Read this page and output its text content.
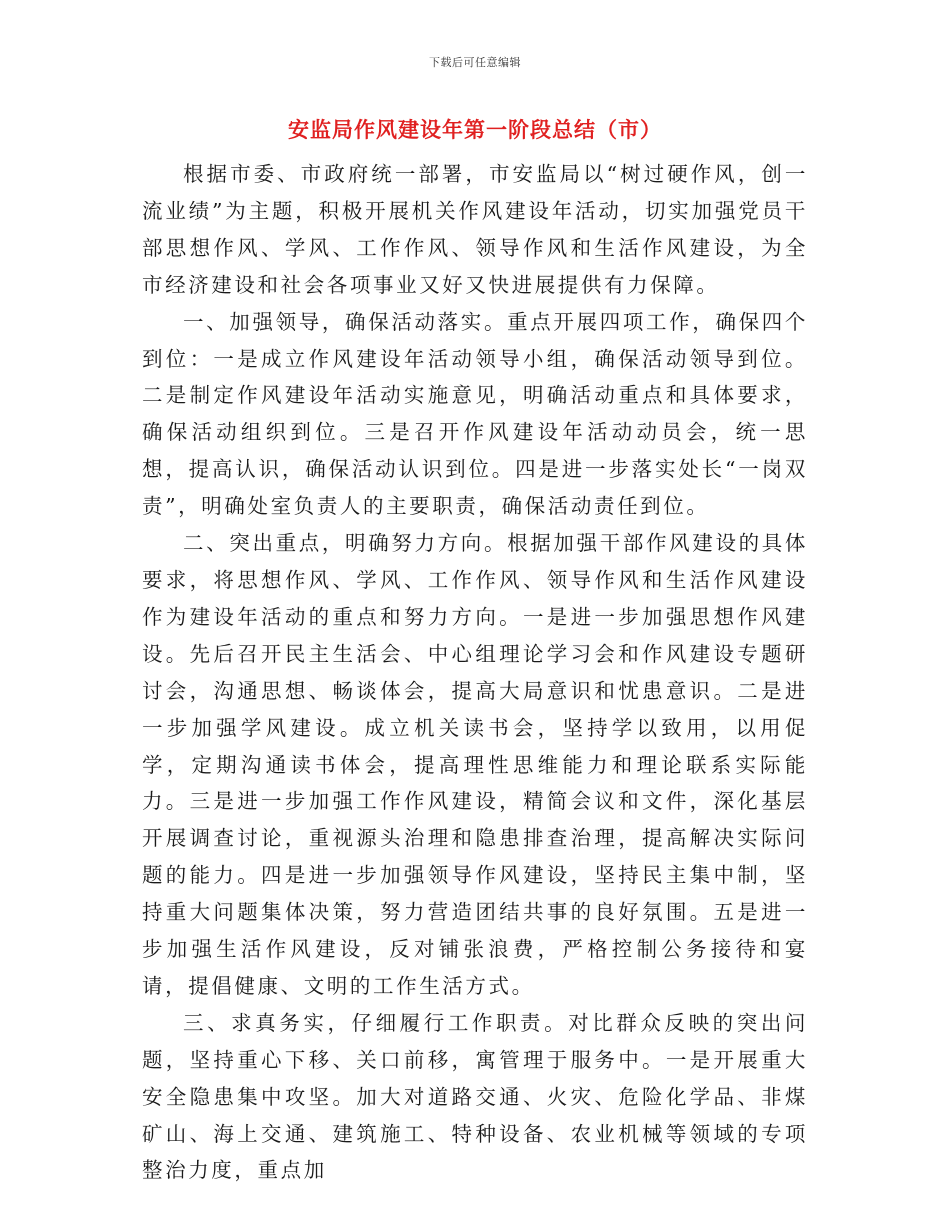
下载后可任意编辑
安监局作风建设年第一阶段总结（市）

根据市委、市政府统一部署，市安监局以“树过硬作风，创一流业绩”为主题，积极开展机关作风建设年活动，切实加强党员干部思想作风、学风、工作作风、领导作风和生活作风建设，为全市经济建设和社会各项事业又好又快进展提供有力保障。

一、加强领导，确保活动落实。重点开展四项工作，确保四个到位：一是成立作风建设年活动领导小组，确保活动领导到位。二是制定作风建设年活动实施意见，明确活动重点和具体要求，确保活动组织到位。三是召开作风建设年活动动员会，统一思想，提高认识，确保活动认识到位。四是进一步落实处长“一岗双责”，明确处室负责人的主要职责，确保活动责任到位。

二、突出重点，明确努力方向。根据加强干部作风建设的具体要求，将思想作风、学风、工作作风、领导作风和生活作风建设作为建设年活动的重点和努力方向。一是进一步加强思想作风建设。先后召开民主生活会、中心组理论学习会和作风建设专题研讨会，沟通思想、畅谈体会，提高大局意识和忧患意识。二是进一步加强学风建设。成立机关读书会，坚持学以致用，以用促学，定期沟通读书体会，提高理性思维能力和理论联系实际能力。三是进一步加强工作作风建设，精简会议和文件，深化基层开展调查讨论，重视源头治理和隐患排查治理，提高解决实际问题的能力。四是进一步加强领导作风建设，坚持民主集中制，坚持重大问题集体决策，努力营造团结共事的良好氛围。五是进一步加强生活作风建设，反对铺张浪费，严格控制公务接待和宴请，提倡健康、文明的工作生活方式。

三、求真务实，仔细履行工作职责。对比群众反映的突出问题，坚持重心下移、关口前移，寓管理于服务中。一是开展重大安全隐患集中攻坚。加大对道路交通、火灾、危险化学品、非煤矿山、海上交通、建筑施工、特种设备、农业机械等领域的专项整治力度，重点加
